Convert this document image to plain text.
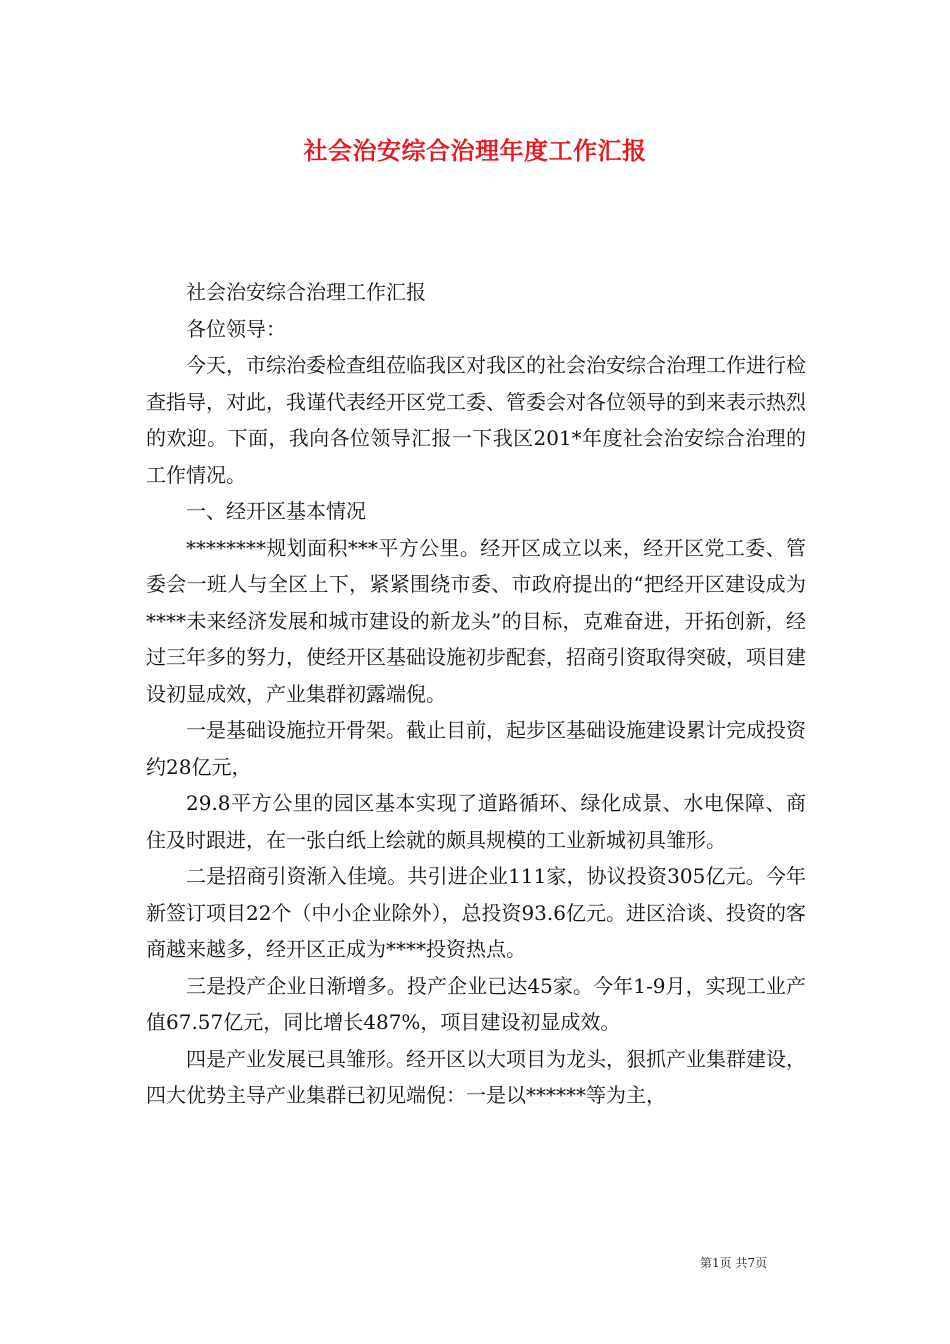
社会治安综合治理年度工作汇报

社会治安综合治理工作汇报

各位领导：

今天，市综治委检查组莅临我区对我区的社会治安综合治理工作进行检查指导，对此，我谨代表经开区党工委、管委会对各位领导的到来表示热烈的欢迎。下面，我向各位领导汇报一下我区201*年度社会治安综合治理的工作情况。

一、经开区基本情况

********规划面积***平方公里。经开区成立以来，经开区党工委、管委会一班人与全区上下，紧紧围绕市委、市政府提出的“把经开区建设成为****未来经济发展和城市建设的新龙头”的目标，克难奋进，开拓创新，经过三年多的努力，使经开区基础设施初步配套，招商引资取得突破，项目建设初显成效，产业集群初露端倪。

一是基础设施拉开骨架。截止目前，起步区基础设施建设累计完成投资约28亿元，

29.8平方公里的园区基本实现了道路循环、绿化成景、水电保障、商住及时跟进，在一张白纸上绘就的颇具规模的工业新城初具雏形。

二是招商引资渐入佳境。共引进企业111家，协议投资305亿元。今年新签订项目22个（中小企业除外），总投资93.6亿元。进区洽谈、投资的客商越来越多，经开区正成为****投资热点。

三是投产企业日渐增多。投产企业已达45家。今年1-9月，实现工业产值67.57亿元，同比增长487%，项目建设初显成效。

四是产业发展已具雏形。经开区以大项目为龙头，狠抓产业集群建设，四大优势主导产业集群已初见端倪：一是以******等为主，

第1页 共7页
